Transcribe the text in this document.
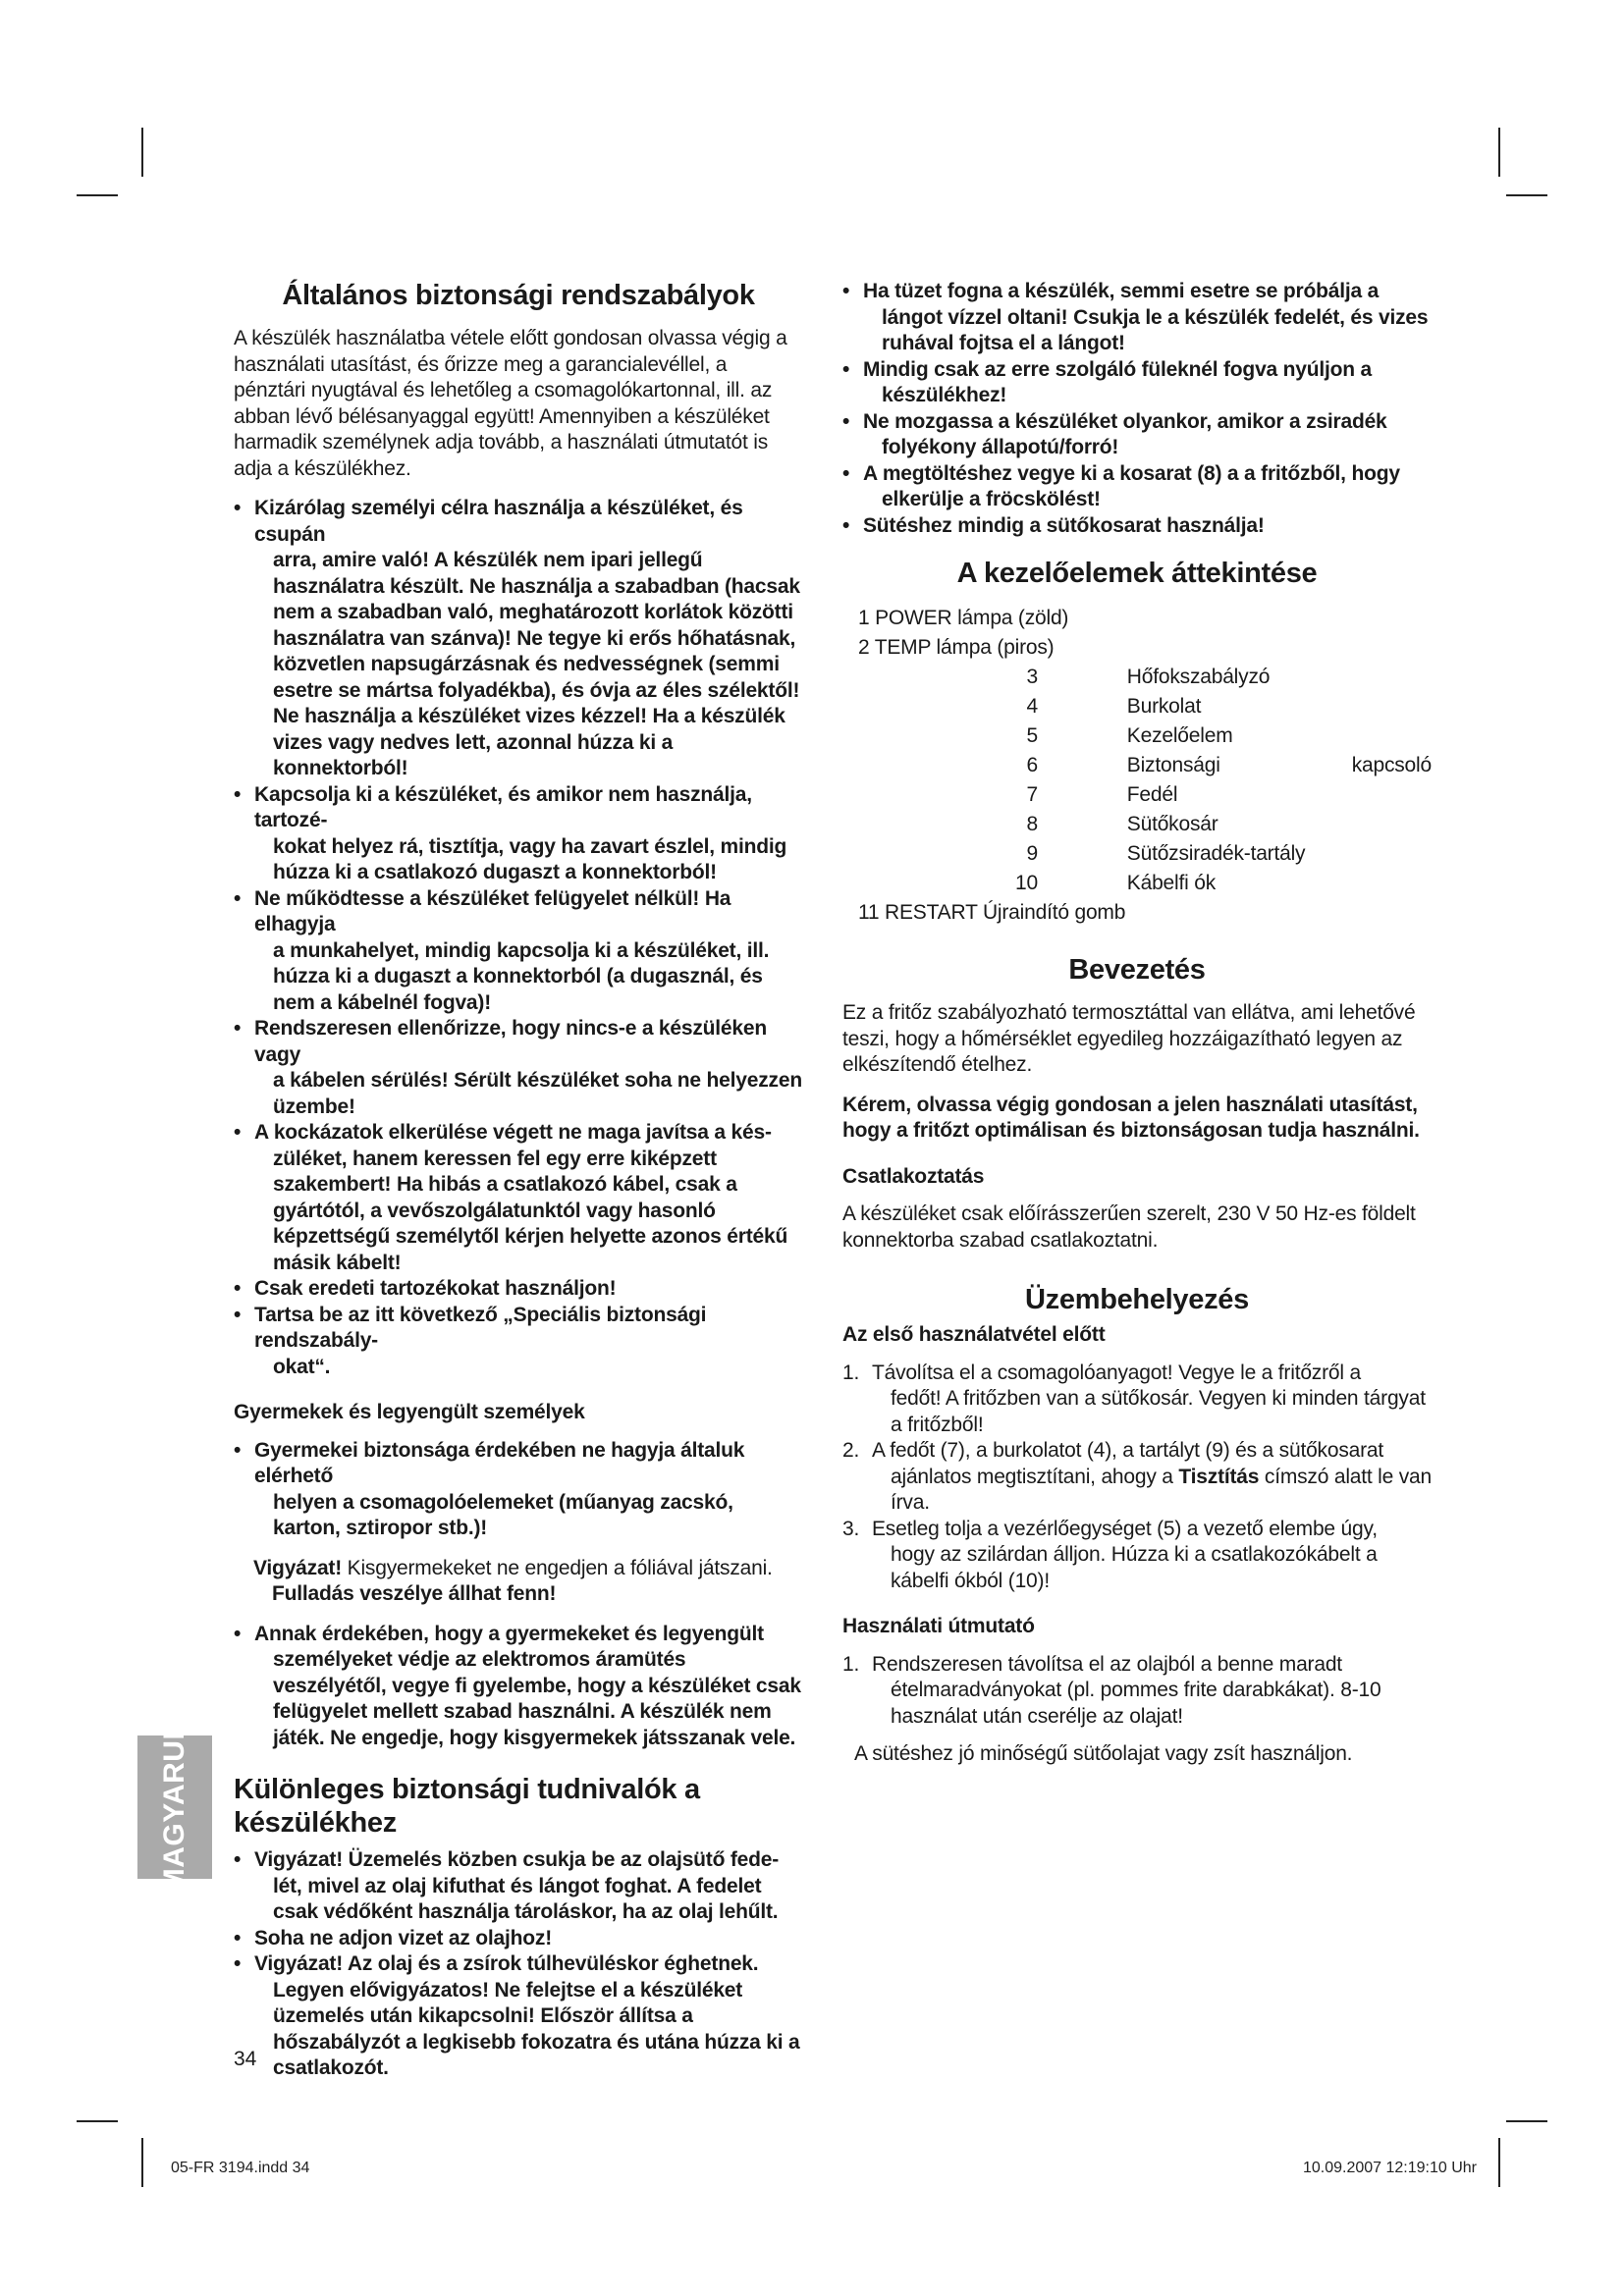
Általános biztonsági rendszabályok

A készülék használatba vétele előtt gondosan olvassa végig a használati utasítást, és őrizze meg a garancialevéllel, a pénztári nyugtával és lehetőleg a csomagolókartonnal, ill. az abban lévő bélésanyaggal együtt! Amennyiben a készüléket harmadik személynek adja tovább, a használati útmutatót is adja a készülékhez.

• Kizárólag személyi célra használja a készüléket, és csupán
arra, amire való! A készülék nem ipari jellegű használatra készült. Ne használja a szabadban (hacsak nem a szabadban való, meghatározott korlátok közötti használatra van szánva)! Ne tegye ki erős hőhatásnak, közvetlen napsugárzásnak és nedvességnek (semmi esetre se mártsa folyadékba), és óvja az éles szélektől! Ne használja a készüléket vizes kézzel! Ha a készülék vizes vagy nedves lett, azonnal húzza ki a konnektorból!
• Kapcsolja ki a készüléket, és amikor nem használja, tartozé-
kokat helyez rá, tisztítja, vagy ha zavart észlel, mindig húzza ki a csatlakozó dugaszt a konnektorból!
• Ne működtesse a készüléket felügyelet nélkül! Ha elhagyja
a munkahelyet, mindig kapcsolja ki a készüléket, ill. húzza ki a dugaszt a konnektorból (a dugasznál, és nem a kábelnél fogva)!
• Rendszeresen ellenőrizze, hogy nincs-e a készüléken vagy
a kábelen sérülés! Sérült készüléket soha ne helyezzen üzembe!
• A kockázatok elkerülése végett ne maga javítsa a kés-
züléket, hanem keressen fel egy erre kiképzett szakembert! Ha hibás a csatlakozó kábel, csak a gyártótól, a vevőszolgálatunktól vagy hasonló képzettségű személytől kérjen helyette azonos értékű másik kábelt!
• Csak eredeti tartozékokat használjon!
• Tartsa be az itt következő „Speciális biztonsági rendszabály-
okat“.
Gyermekek és legyengült személyek
• Gyermekei biztonsága érdekében ne hagyja általuk elérhető
helyen a csomagolóelemeket (műanyag zacskó, karton, sztiropor stb.)!
Vigyázat! Kisgyermekeket ne engedjen a fóliával játszani.
Fulladás veszélye állhat fenn!
• Annak érdekében, hogy a gyermekeket és legyengült
személyeket védje az elektromos áramütés veszélyétől, vegye fi gyelembe, hogy a készüléket csak felügyelet mellett szabad használni. A készülék nem játék. Ne engedje, hogy kisgyermekek játsszanak vele.
Különleges biztonsági tudnivalók a készülékhez
• Vigyázat! Üzemelés közben csukja be az olajsütő fede-
lét, mivel az olaj kifuthat és lángot foghat. A fedelet csak védőként használja tároláskor, ha az olaj lehűlt.
• Soha ne adjon vizet az olajhoz!
• Vigyázat! Az olaj és a zsírok túlhevüléskor éghetnek.
Legyen elővigyázatos! Ne felejtse el a készüléket üzemelés után kikapcsolni! Először állítsa a hőszabályzót a legkisebb fokozatra és utána húzza ki a csatlakozót.
• Ha tüzet fogna a készülék, semmi esetre se próbálja a
lángot vízzel oltani! Csukja le a készülék fedelét, és vizes ruhával fojtsa el a lángot!
• Mindig csak az erre szolgáló füleknél fogva nyúljon a
készülékhez!
• Ne mozgassa a készüléket olyankor, amikor a zsiradék
folyékony állapotú/forró!
• A megtöltéshez vegye ki a kosarat (8) a a fritőzből, hogy
elkerülje a fröcskölést!
• Sütéshez mindig a sütőkosarat használja!
A kezelőelemek áttekintése
1 POWER lámpa (zöld)
2 TEMP lámpa (piros)
3		Hőfokszabályzó	
4		Burkolat	
5		Kezelőelem	
6		Biztonsági	kapcsoló
7		Fedél	
8		Sütőkosár	
9		Sütőzsiradék-tartály	
10		Kábelfi ók	
11 RESTART Újraindító gomb			
Bevezetés

Ez a fritőz szabályozható termosztáttal van ellátva, ami lehetővé teszi, hogy a hőmérséklet egyedileg hozzáigazítható legyen az elkészítendő ételhez.

Kérem, olvassa végig gondosan a jelen használati utasítást, hogy a fritőzt optimálisan és biztonságosan tudja használni.

Csatlakoztatás

A készüléket csak előírásszerűen szerelt, 230 V 50 Hz-es földelt konnektorba szabad csatlakoztatni.

Üzembehelyezés
Az első használatvétel előtt
1. Távolítsa el a csomagolóanyagot! Vegye le a fritőzről a
fedőt! A fritőzben van a sütőkosár. Vegyen ki minden tárgyat a fritőzből!
2. A fedőt (7), a burkolatot (4), a tartályt (9) és a sütőkosarat
ajánlatos megtisztítani, ahogy a Tisztítás címszó alatt le van írva.
3. Esetleg tolja a vezérlőegységet (5) a vezető elembe úgy,
hogy az szilárdan álljon. Húzza ki a csatlakozókábelt a kábelfi ókból (10)!
Használati útmutató
1. Rendszeresen távolítsa el az olajból a benne maradt
ételmaradványokat (pl. pommes frite darabkákat). 8-10 használat után cserélje az olajat!

A sütéshez jó minőségű sütőolajat vagy zsít használjon.

MAGYARUL
34
05-FR 3194.indd 34	10.09.2007 12:19:10 Uhr
